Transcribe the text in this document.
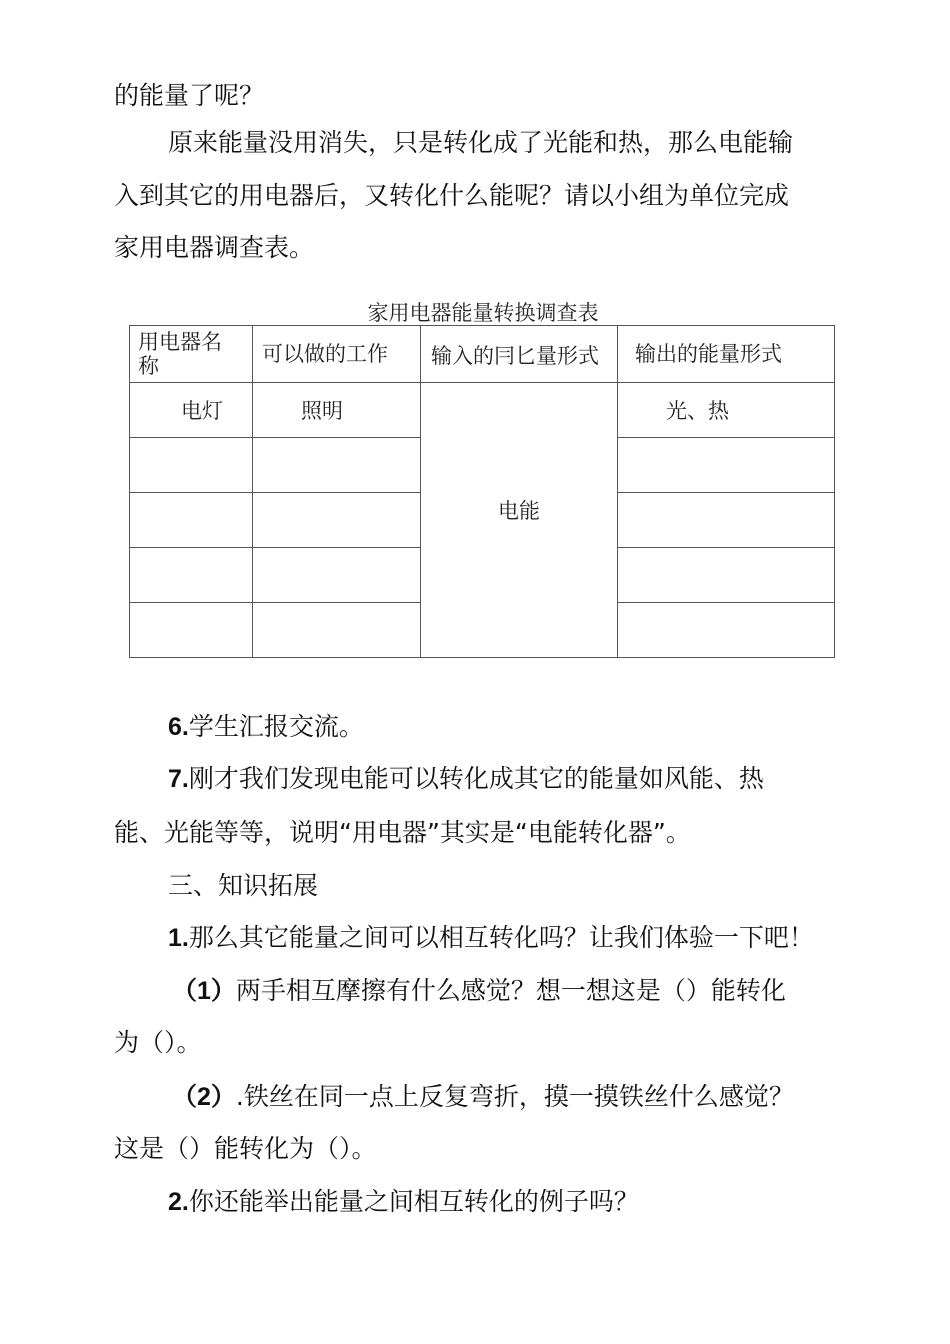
的能量了呢？
原来能量没用消失，只是转化成了光能和热，那么电能输
入到其它的用电器后，又转化什么能呢？请以小组为单位完成
家用电器调查表。
家用电器能量转换调查表
用电器名称	可以做的工作	输入的冃匕量形式	输出的能量形式

电灯	照明	电能	光、热

6.学生汇报交流。
7.刚才我们发现电能可以转化成其它的能量如风能、热
能、光能等等，说明“用电器”其实是“电能转化器”。
三、知识拓展
1.那么其它能量之间可以相互转化吗？让我们体验一下吧！
（1）两手相互摩擦有什么感觉？想一想这是（）能转化
为（）。
（2）.铁丝在同一点上反复弯折，摸一摸铁丝什么感觉？
这是（）能转化为（）。
2.你还能举出能量之间相互转化的例子吗？
